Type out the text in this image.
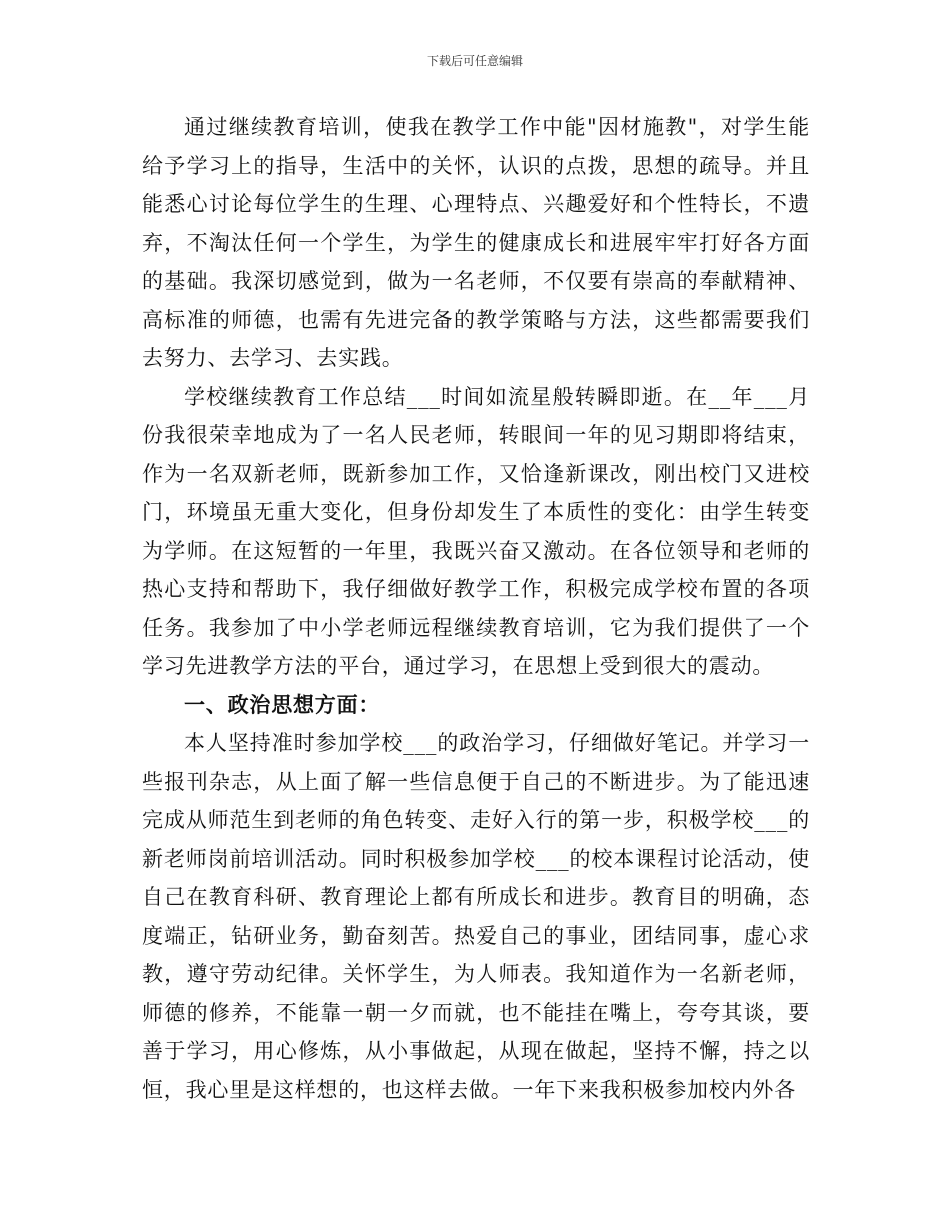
下载后可任意编辑

通过继续教育培训，使我在教学工作中能"因材施教"，对学生能给予学习上的指导，生活中的关怀，认识的点拨，思想的疏导。并且能悉心讨论每位学生的生理、心理特点、兴趣爱好和个性特长，不遗弃，不淘汰任何一个学生，为学生的健康成长和进展牢牢打好各方面的基础。我深切感觉到，做为一名老师，不仅要有崇高的奉献精神、高标准的师德，也需有先进完备的教学策略与方法，这些都需要我们去努力、去学习、去实践。

学校继续教育工作总结___时间如流星般转瞬即逝。在__年___月份我很荣幸地成为了一名人民老师，转眼间一年的见习期即将结束，作为一名双新老师，既新参加工作，又恰逢新课改，刚出校门又进校门，环境虽无重大变化，但身份却发生了本质性的变化：由学生转变为学师。在这短暂的一年里，我既兴奋又激动。在各位领导和老师的热心支持和帮助下，我仔细做好教学工作，积极完成学校布置的各项任务。我参加了中小学老师远程继续教育培训，它为我们提供了一个学习先进教学方法的平台，通过学习，在思想上受到很大的震动。

一、政治思想方面：

本人坚持准时参加学校___的政治学习，仔细做好笔记。并学习一些报刊杂志，从上面了解一些信息便于自己的不断进步。为了能迅速完成从师范生到老师的角色转变、走好入行的第一步，积极学校___的新老师岗前培训活动。同时积极参加学校___的校本课程讨论活动，使自己在教育科研、教育理论上都有所成长和进步。教育目的明确，态度端正，钻研业务，勤奋刻苦。热爱自己的事业，团结同事，虚心求教，遵守劳动纪律。关怀学生，为人师表。我知道作为一名新老师，师德的修养，不能靠一朝一夕而就，也不能挂在嘴上，夸夸其谈，要善于学习，用心修炼，从小事做起，从现在做起，坚持不懈，持之以恒，我心里是这样想的，也这样去做。一年下来我积极参加校内外各
